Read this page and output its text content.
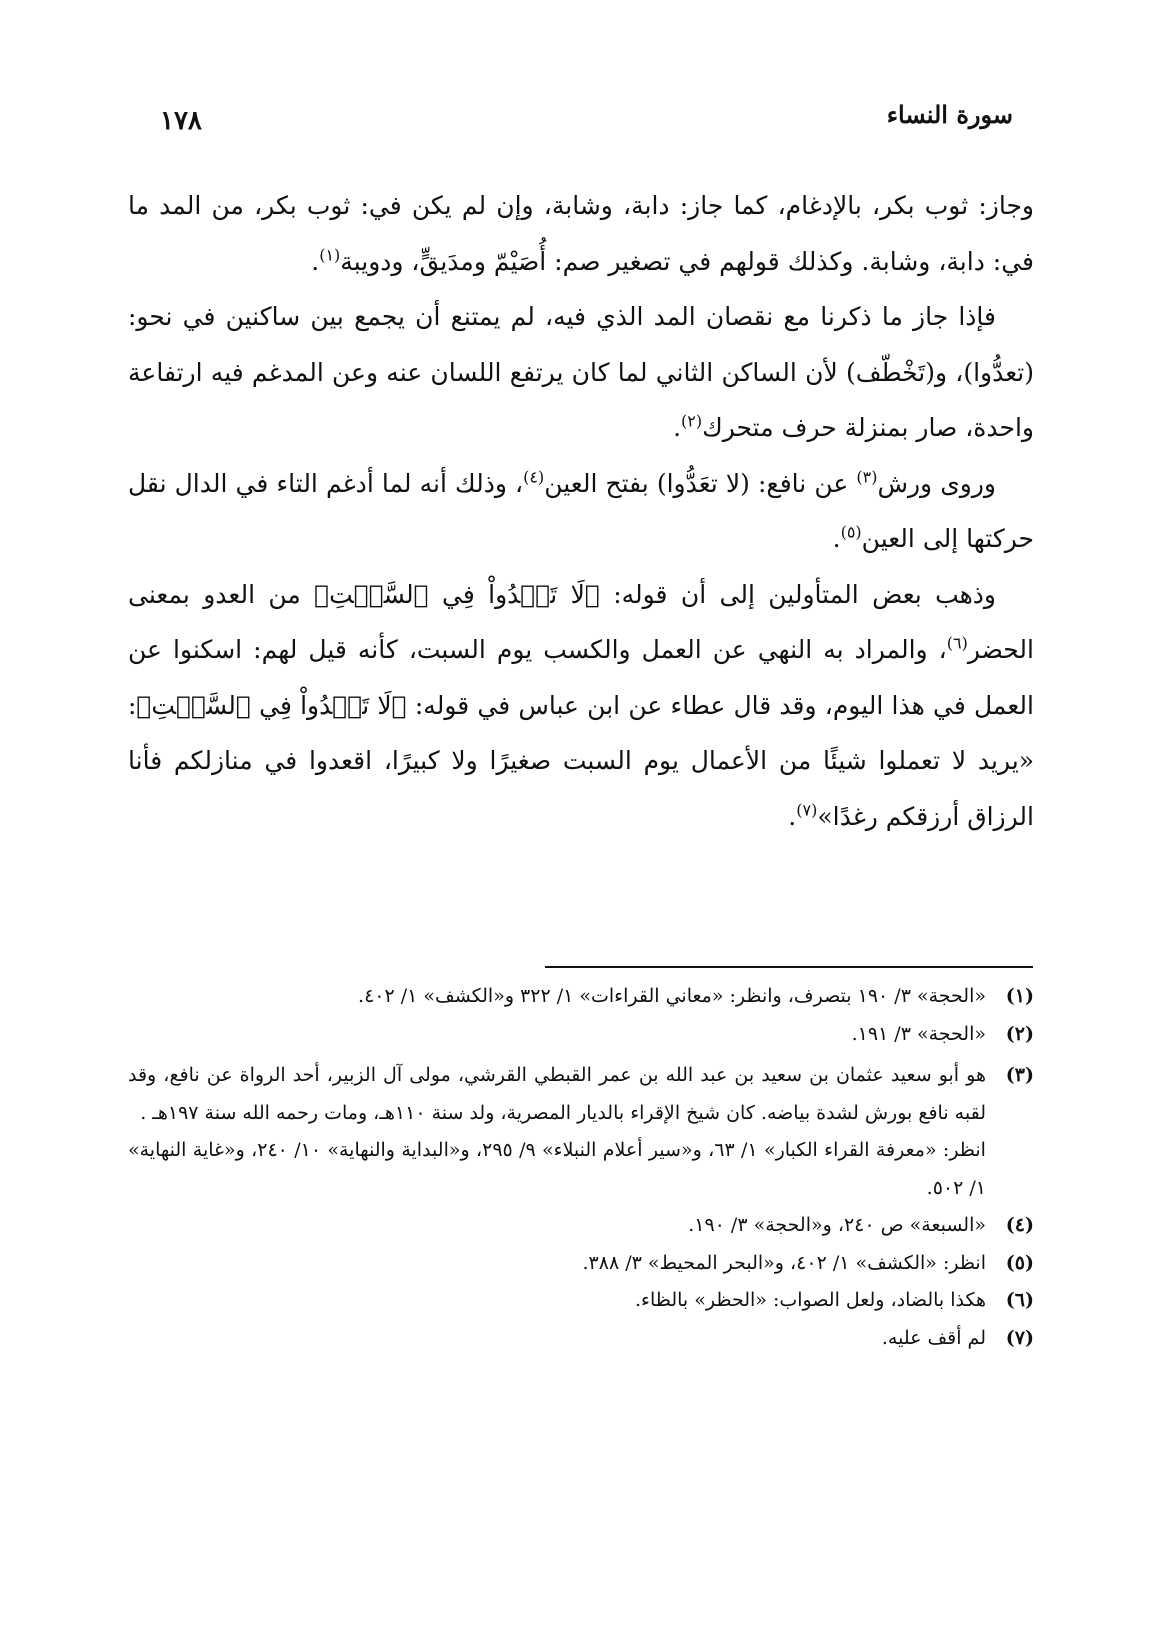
سورة النساء
١٧٨

وجاز: ثوب بكر، بالإدغام، كما جاز: دابة، وشابة، وإن لم يكن في: ثوب بكر، من المد ما في: دابة، وشابة. وكذلك قولهم في تصغير صم: أُصَيْمّ ومدَيقٍّ، ودويبة$^{(١)}$.

فإذا جاز ما ذكرنا مع نقصان المد الذي فيه، لم يمتنع أن يجمع بين ساكنين في نحو: (تعدُّوا)، و(تَخْطّف) لأن الساكن الثاني لما كان يرتفع اللسان عنه وعن المدغم فيه ارتفاعة واحدة، صار بمنزلة حرف متحرك$^{(٢)}$.

وروى ورش$^{(٣)}$ عن نافع: (لا تعَدُّوا) بفتح العين$^{(٤)}$، وذلك أنه لما أدغم التاء في الدال نقل حركتها إلى العين$^{(٥)}$.

وذهب بعض المتأولين إلى أن قوله: ﴿لَا تَعۡدُواْ فِي ٱلسَّبۡتِ﴾ من العدو بمعنى الحضر$^{(٦)}$، والمراد به النهي عن العمل والكسب يوم السبت، كأنه قيل لهم: اسكنوا عن العمل في هذا اليوم، وقد قال عطاء عن ابن عباس في قوله: ﴿لَا تَعۡدُواْ فِي ٱلسَّبۡتِ﴾: «يريد لا تعملوا شيئًا من الأعمال يوم السبت صغيرًا ولا كبيرًا، اقعدوا في منازلكم فأنا الرزاق أرزقكم رغدًا»$^{(٧)}$.

(١)
«الحجة» ٣/ ١٩٠ بتصرف، وانظر: «معاني القراءات» ١/ ٣٢٢ و«الكشف» ١/ ٤٠٢.
(٢)
«الحجة» ٣/ ١٩١.
(٣)
هو أبو سعيد عثمان بن سعيد بن عبد الله بن عمر القبطي القرشي، مولى آل الزبير، أحد الرواة عن نافع، وقد لقبه نافع بورش لشدة بياضه. كان شيخ الإقراء بالديار المصرية، ولد سنة ١١٠هـ، ومات رحمه الله سنة ١٩٧هـ .
انظر: «معرفة القراء الكبار» ١/ ٦٣، و«سير أعلام النبلاء» ٩/ ٢٩٥، و«البداية والنهاية» ١٠/ ٢٤٠، و«غاية النهاية» ١/ ٥٠٢.
(٤)
«السبعة» ص ٢٤٠، و«الحجة» ٣/ ١٩٠.
(٥)
انظر: «الكشف» ١/ ٤٠٢، و«البحر المحيط» ٣/ ٣٨٨.
(٦)
هكذا بالضاد، ولعل الصواب: «الحظر» بالظاء.
(٧)
لم أقف عليه.
